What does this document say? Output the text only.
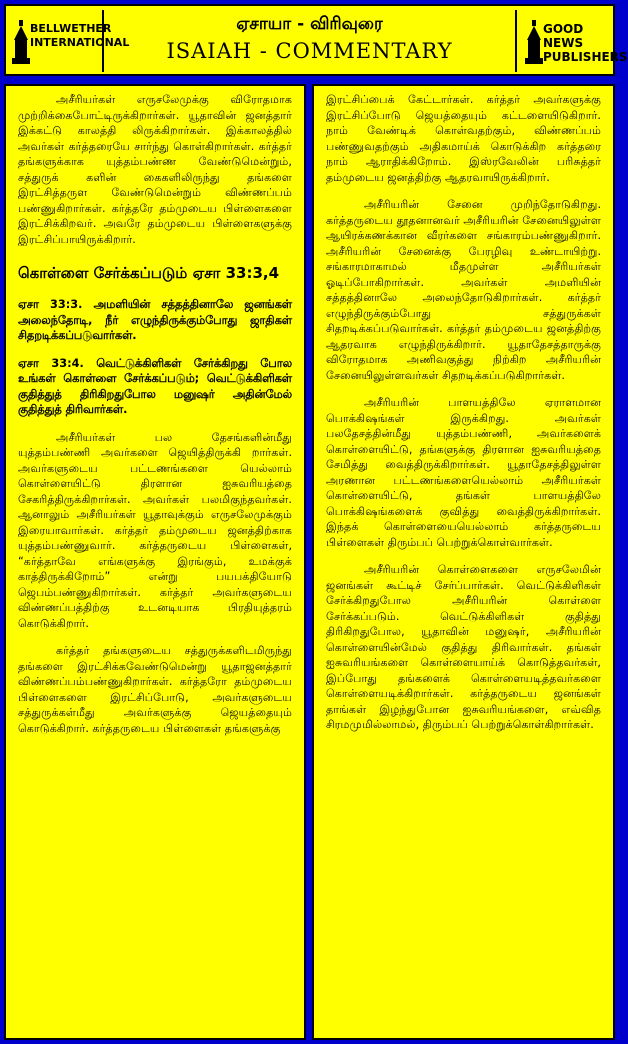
BELLWETHER
INTERNATIONAL
ஏசாயா - விரிவுரை
ISAIAH - COMMENTARY
GOOD NEWS
PUBLISHERS

அசீரியர்கள் எருசலேமுக்கு விரோதமாக முற்றிக்கைபோட்டிருக்கிறார்கள். யூதாவின் ஜனத்தார் இக்கட்டு காலத்தி லிருக்கிறார்கள். இக்காலத்தில் அவர்கள் கர்த்தரையே சார்ந்து கொள்கிறார்கள். கர்த்தர் தங்களுக்காக யுத்தம்பண்ண வேண்டுமென்றும், சத்துருக் களின் கைகளிலிருந்து தங்களை இரட்சித்தருள வேண்டுமென்றும் விண்ணப்பம் பண்ணுகிறார்கள். கர்த்தரே தம்முடைய பிள்ளைகளை இரட்சிக்கிறவர். அவரே தம்முடைய பிள்ளைகளுக்கு இரட்சிப்பாயிருக்கிறார்.

கொள்ளை சேர்க்கப்படும் ஏசா 33:3,4

ஏசா 33:3. அமளியின் சத்தத்தினாலே ஜனங்கள் அலைந்தோடி, நீர் எழுந்திருக்கும்போது ஜாதிகள் சிதறடிக்கப்படுவார்கள்.

ஏசா 33:4. வெட்டுக்கிளிகள் சேர்க்கிறது போல உங்கள் கொள்ளை சேர்க்கப்படும்; வெட்டுக்கிளிகள் குதித்துத் திரிகிறதுபோல மனுஷர் அதின்மேல் குதித்துத் திரிவார்கள்.

அசீரியர்கள் பல தேசங்களின்மீது யுத்தம்பண்ணி அவர்களை ஜெயித்திருக்கி றார்கள். அவர்களுடைய பட்டணங்களை யெல்லாம் கொள்ளையிட்டு திரளான ஐசுவரியத்தை சேகரித்திருக்கிறார்கள். அவர்கள் பலமிகுந்தவர்கள். ஆனாலும் அசீரியர்கள் யூதாவுக்கும் எருசலேமுக்கும் இரையாவார்கள். கர்த்தர் தம்முடைய ஜனத்திற்காக யுத்தம்பண்ணுவார். கர்த்தருடைய பிள்ளைகள், “கர்த்தாவே எங்களுக்கு இரங்கும், உமக்குக் காத்திருக்கிறோம்” என்று பயபக்தியோடு ஜெபம்பண்ணுகிறார்கள். கர்த்தர் அவர்களுடைய விண்ணப்பத்திற்கு உடனடியாக பிரதியுத்தரம் கொடுக்கிறார்.

கர்த்தர் தங்களுடைய சத்துருக்களிடமிருந்து தங்களை இரட்சிக்கவேண்டுமென்று யூதாஜனத்தார் விண்ணப்பம்பண்ணுகிறார்கள். கர்த்தரோ தம்முடைய பிள்ளைகளை இரட்சிப்போடு, அவர்களுடைய சத்துருக்கள்மீது அவர்களுக்கு ஜெயத்தையும் கொடுக்கிறார். கர்த்தருடைய பிள்ளைகள் தங்களுக்கு

இரட்சிப்பைக் கேட்டார்கள். கர்த்தர் அவர்களுக்கு இரட்சிப்போடு ஜெயத்தையும் கட்டளையிடுகிறார். நாம் வேண்டிக் கொள்வதற்கும், விண்ணப்பம் பண்ணுவதற்கும் அதிகமாய்க் கொடுக்கிற கர்த்தரை நாம் ஆராதிக்கிறோம். இஸ்ரவேலின் பரிசுத்தர் தம்முடைய ஜனத்திற்கு ஆதரவாயிருக்கிறார்.

அசீரியரின் சேனை முறிந்தோடுகிறது. கர்த்தருடைய தூதனானவர் அசீரியரின் சேனையிலுள்ள ஆயிரக்கணக்கான வீரர்களை சங்காரம்பண்ணுகிறார். அசீரியரின் சேனைக்கு பேரழிவு உண்டாயிற்று. சங்காரமாகாமல் மீதமுள்ள அசீரியர்கள் ஓடிப்போகிறார்கள். அவர்கள் அமளியின் சத்தத்தினாலே அலைந்தோடுகிறார்கள். கர்த்தர் எழுந்திருக்கும்போது சத்துருக்கள் சிதறடிக்கப்படுவார்கள். கர்த்தர் தம்முடைய ஜனத்திற்கு ஆதரவாக எழுந்திருக்கிறார். யூதாதேசத்தாருக்கு விரோதமாக அணிவகுத்து நிற்கிற அசீரியரின் சேனையிலுள்ளவர்கள் சிதறடிக்கப்படுகிறார்கள்.

அசீரியரின் பாளயத்திலே ஏராளமான பொக்கிஷங்கள் இருக்கிறது. அவர்கள் பலதேசத்தின்மீது யுத்தம்பண்ணி, அவர்களைக் கொள்ளையிட்டு, தங்களுக்கு திரளான ஐசுவரியத்தை சேமித்து வைத்திருக்கிறார்கள். யூதாதேசத்திலுள்ள அரணான பட்டணங்களையெல்லாம் அசீரியர்கள் கொள்ளையிட்டு, தங்கள் பாளயத்திலே பொக்கிஷங்களைக் குவித்து வைத்திருக்கிறார்கள். இந்தக் கொள்ளையையெல்லாம் கர்த்தருடைய பிள்ளைகள் திரும்பப் பெற்றுக்கொள்வார்கள்.

அசீரியரின் கொள்ளைகளை எருசலேமின் ஜனங்கள் கூட்டிச் சேர்ப்பார்கள். வெட்டுக்கிளிகள் சேர்க்கிறதுபோல அசீரியரின் கொள்ளை சேர்க்கப்படும். வெட்டுக்கிளிகள் குதித்து திரிகிறதுபோல, யூதாவின் மனுஷர், அசீரியரின் கொள்ளையின்மேல் குதித்து திரிவார்கள். தங்கள் ஐசுவரியங்களை கொள்ளையாய்க் கொடுத்தவர்கள், இப்போது தங்களைக் கொள்ளையடித்தவர்களை கொள்ளையடிக்கிறார்கள். கர்த்தருடைய ஜனங்கள் தாங்கள் இழந்துபோன ஐசுவரியங்களை, எவ்வித சிரமமுமில்லாமல், திரும்பப் பெற்றுக்கொள்கிறார்கள்.
